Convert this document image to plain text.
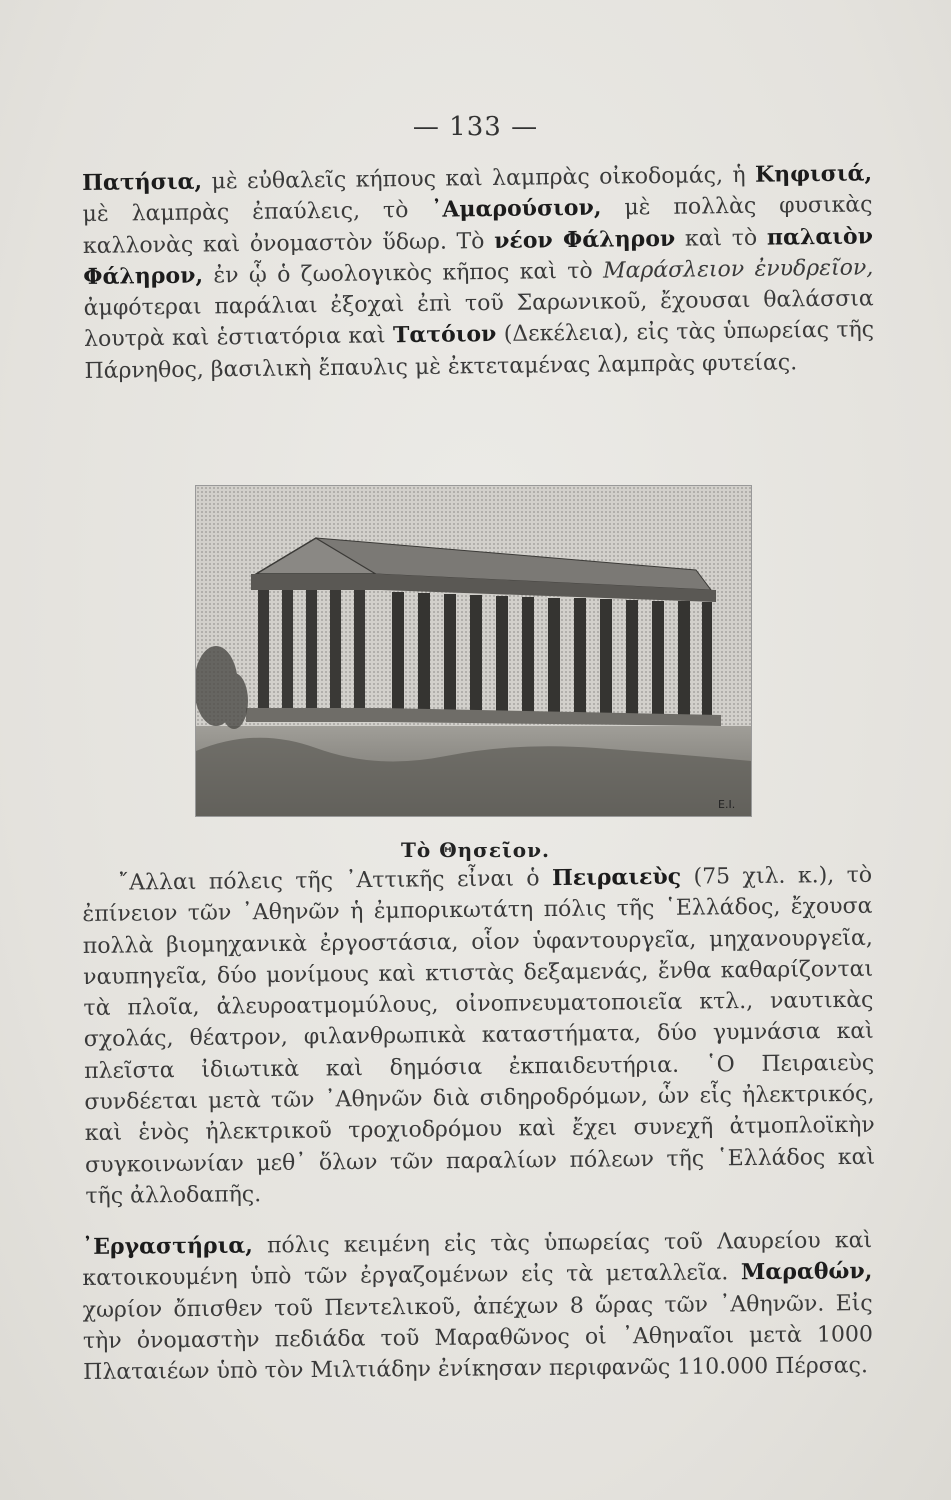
— 133 —
Πατήσια, μὲ εὐθαλεῖς κήπους καὶ λαμπρὰς οἰκοδομάς, ἡ Κηφισιά, μὲ λαμπρὰς ἐπαύλεις, τὸ ᾿Αμαρούσιον, μὲ πολλὰς φυσικὰς καλλονὰς καὶ ὀνομαστὸν ὕδωρ. Τὸ νέον Φάληρον καὶ τὸ παλαιὸν Φάληρον, ἐν ᾧ ὁ ζωολογικὸς κῆπος καὶ τὸ Μαράσλειον ἐνυδρεῖον, ἀμφότεραι παράλιαι ἐξοχαὶ ἐπὶ τοῦ Σαρωνικοῦ, ἔχουσαι θαλάσσια λουτρὰ καὶ ἑστιατόρια καὶ Τατόιον (Δεκέλεια), εἰς τὰς ὑπωρείας τῆς Πάρνηθος, βασιλικὴ ἔπαυλις μὲ ἐκτεταμένας λαμπρὰς φυτείας.
Ε.Ι.
Τὸ Θησεῖον.
῎Αλλαι πόλεις τῆς ᾿Αττικῆς εἶναι ὁ Πειραιεὺς (75 χιλ. κ.), τὸ ἐπίνειον τῶν ᾿Αθηνῶν ἡ ἐμπορικωτάτη πόλις τῆς ῾Ελλάδος, ἔχουσα πολλὰ βιομηχανικὰ ἐργοστάσια, οἷον ὑφαντουργεῖα, μηχανουργεῖα, ναυπηγεῖα, δύο μονίμους καὶ κτιστὰς δεξαμενάς, ἔνθα καθαρίζονται τὰ πλοῖα, ἀλευροατμομύλους, οἰνοπνευματοποιεῖα κτλ., ναυτικὰς σχολάς, θέατρον, φιλανθρωπικὰ καταστήματα, δύο γυμνάσια καὶ πλεῖστα ἰδιωτικὰ καὶ δημόσια ἐκπαιδευτήρια. ῾Ο Πειραιεὺς συνδέεται μετὰ τῶν ᾿Αθηνῶν διὰ σιδηροδρόμων, ὧν εἷς ἠλεκτρικός, καὶ ἑνὸς ἠλεκτρικοῦ τροχιοδρόμου καὶ ἔχει συνεχῆ ἀτμοπλοϊκὴν συγκοινωνίαν μεθ᾿ ὅλων τῶν παραλίων πόλεων τῆς ῾Ελλάδος καὶ τῆς ἀλλοδαπῆς.
᾿Εργαστήρια, πόλις κειμένη εἰς τὰς ὑπωρείας τοῦ Λαυρείου καὶ κατοικουμένη ὑπὸ τῶν ἐργαζομένων εἰς τὰ μεταλλεῖα. Μαραθών, χωρίον ὄπισθεν τοῦ Πεντελικοῦ, ἀπέχων 8 ὥρας τῶν ᾿Αθηνῶν. Εἰς τὴν ὀνομαστὴν πεδιάδα τοῦ Μαραθῶνος οἱ ᾿Αθηναῖοι μετὰ 1000 Πλαταιέων ὑπὸ τὸν Μιλτιάδην ἐνίκησαν περιφανῶς 110.000 Πέρσας.
